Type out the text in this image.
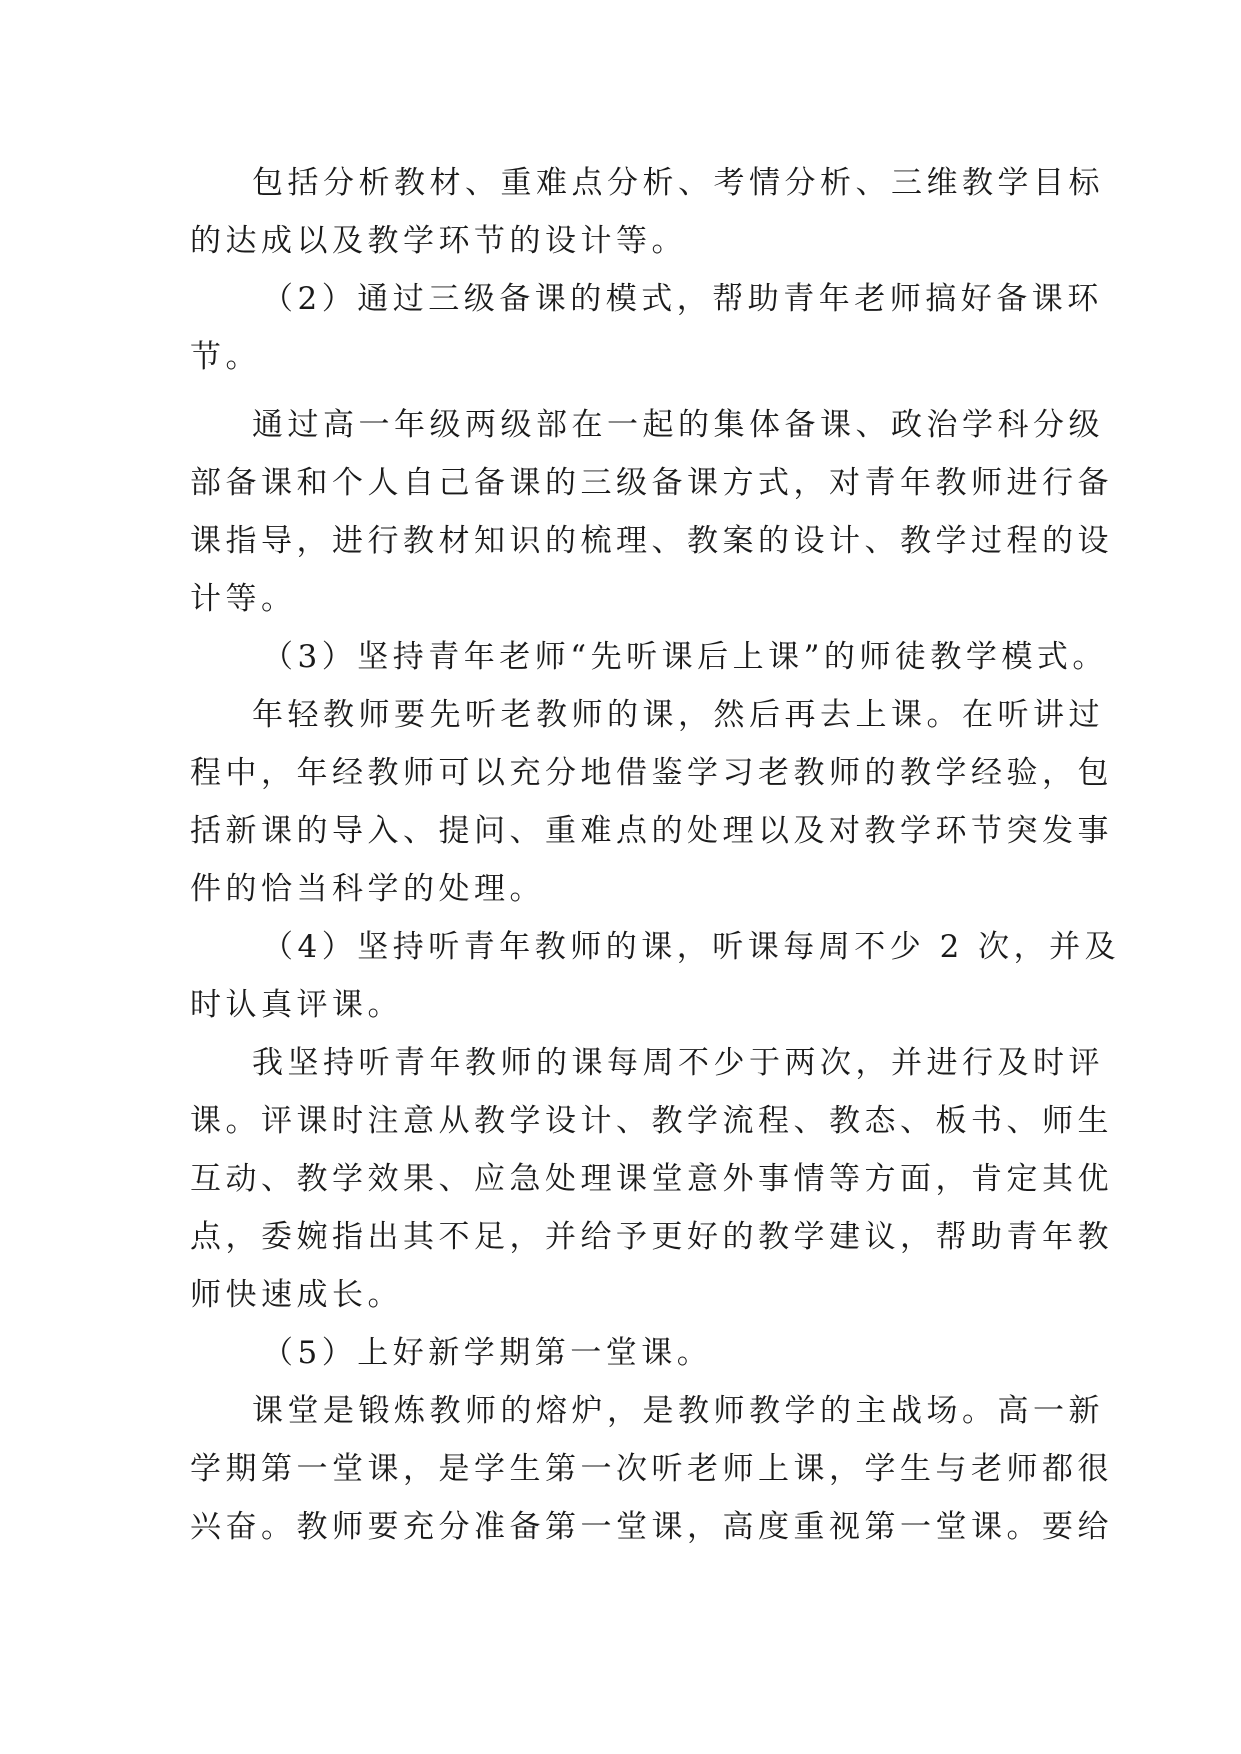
包括分析教材、重难点分析、考情分析、三维教学目标
的达成以及教学环节的设计等。
（2）通过三级备课的模式，帮助青年老师搞好备课环
节。
通过高一年级两级部在一起的集体备课、政治学科分级
部备课和个人自己备课的三级备课方式，对青年教师进行备
课指导，进行教材知识的梳理、教案的设计、教学过程的设
计等。
（3）坚持青年老师“先听课后上课”的师徒教学模式。
年轻教师要先听老教师的课，然后再去上课。在听讲过
程中，年经教师可以充分地借鉴学习老教师的教学经验，包
括新课的导入、提问、重难点的处理以及对教学环节突发事
件的恰当科学的处理。
（4）坚持听青年教师的课，听课每周不少 2 次，并及
时认真评课。
我坚持听青年教师的课每周不少于两次，并进行及时评
课。评课时注意从教学设计、教学流程、教态、板书、师生
互动、教学效果、应急处理课堂意外事情等方面，肯定其优
点，委婉指出其不足，并给予更好的教学建议，帮助青年教
师快速成长。
（5）上好新学期第一堂课。
课堂是锻炼教师的熔炉，是教师教学的主战场。高一新
学期第一堂课，是学生第一次听老师上课，学生与老师都很
兴奋。教师要充分准备第一堂课，高度重视第一堂课。要给
